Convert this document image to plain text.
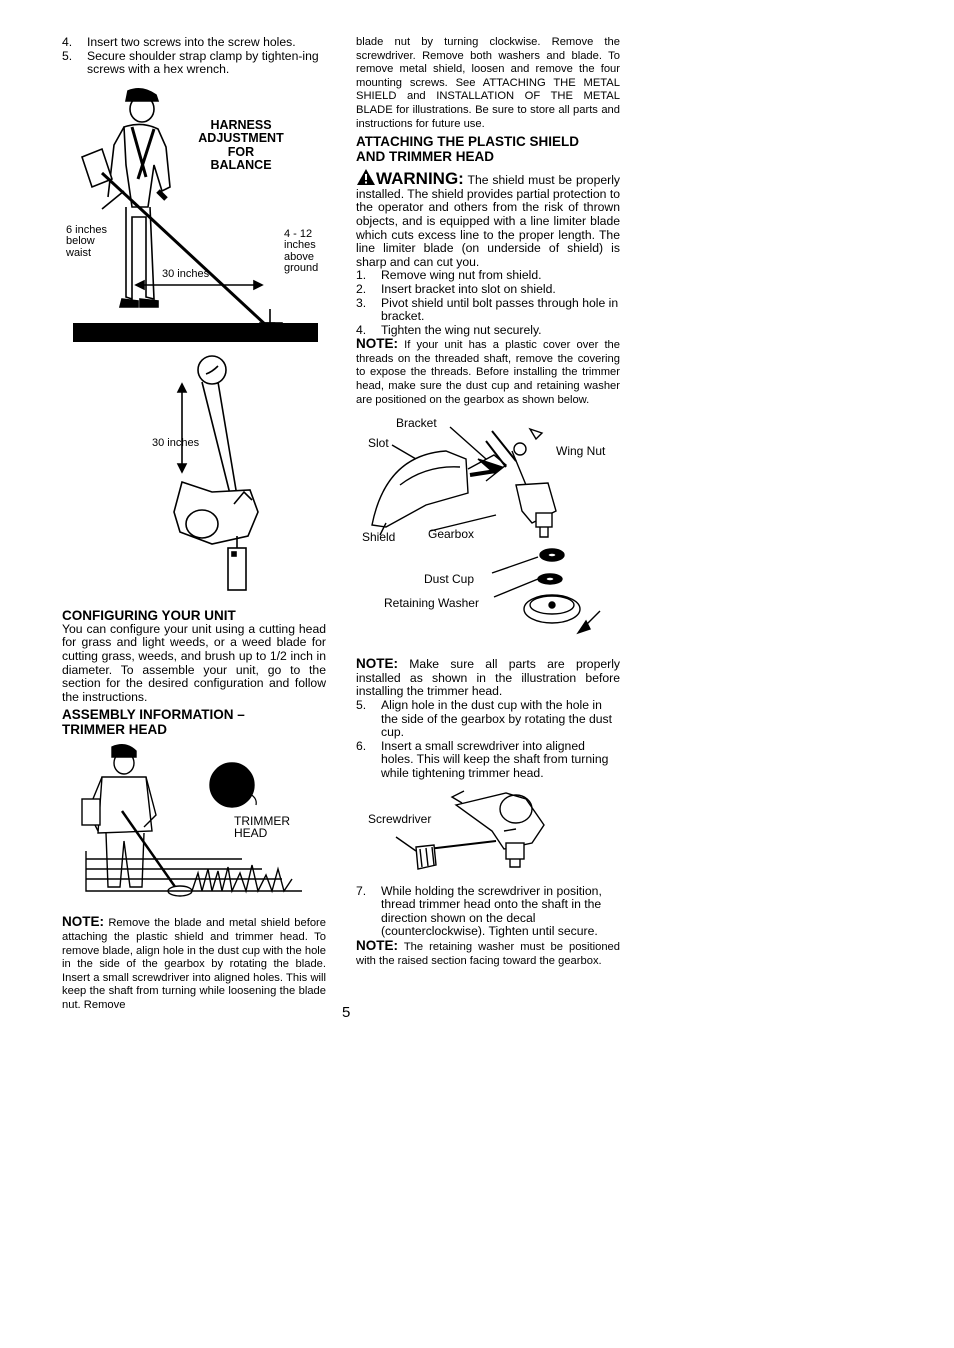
4. Insert two screws into the screw holes.
5. Secure shoulder strap clamp by tighten-ing screws with a hex wrench.
HARNESS
ADJUSTMENT
FOR BALANCE
6 inches
below
waist
30 inches
4 - 12
inches
above
ground
30 inches
CONFIGURING YOUR UNIT

You can configure your unit using a cutting head for grass and light weeds, or a weed blade for cutting grass, weeds, and brush up to 1/2 inch in diameter. To assemble your unit, go to the section for the desired configuration and follow the instructions.

ASSEMBLY INFORMATION –
TRIMMER HEAD
TRIMMER
HEAD

NOTE: Remove the blade and metal shield before attaching the plastic shield and trimmer head. To remove blade, align hole in the dust cup with the hole in the side of the gearbox by rotating the blade. Insert a small screwdriver into aligned holes. This will keep the shaft from turning while loosening the blade nut. Remove

blade nut by turning clockwise. Remove the screwdriver. Remove both washers and blade. To remove metal shield, loosen and remove the four mounting screws. See ATTACHING THE METAL SHIELD and INSTALLATION OF THE METAL BLADE for illustrations. Be sure to store all parts and instructions for future use.

ATTACHING THE PLASTIC SHIELD
AND TRIMMER HEAD

WARNING: The shield must be properly installed. The shield provides partial protection to the operator and others from the risk of thrown objects, and is equipped with a line limiter blade which cuts excess line to the proper length. The line limiter blade (on underside of shield) is sharp and can cut you.

1. Remove wing nut from shield.
2. Insert bracket into slot on shield.
3. Pivot shield until bolt passes through hole in bracket.
4. Tighten the wing nut securely.

NOTE: If your unit has a plastic cover over the threads on the threaded shaft, remove the covering to expose the threads. Before installing the trimmer head, make sure the dust cup and retaining washer are positioned on the gearbox as shown below.

Bracket
Slot
Wing Nut
Shield	Gearbox
Dust Cup
Retaining Washer

NOTE: Make sure all parts are properly installed as shown in the illustration before installing the trimmer head.

5. Align hole in the dust cup with the hole in the side of the gearbox by rotating the dust cup.
6. Insert a small screwdriver into aligned holes. This will keep the shaft from turning while tightening trimmer head.
Screwdriver
7. While holding the screwdriver in position, thread trimmer head onto the shaft in the direction shown on the decal (counterclockwise). Tighten until secure.

NOTE: The retaining washer must be positioned with the raised section facing toward the gearbox.

5
